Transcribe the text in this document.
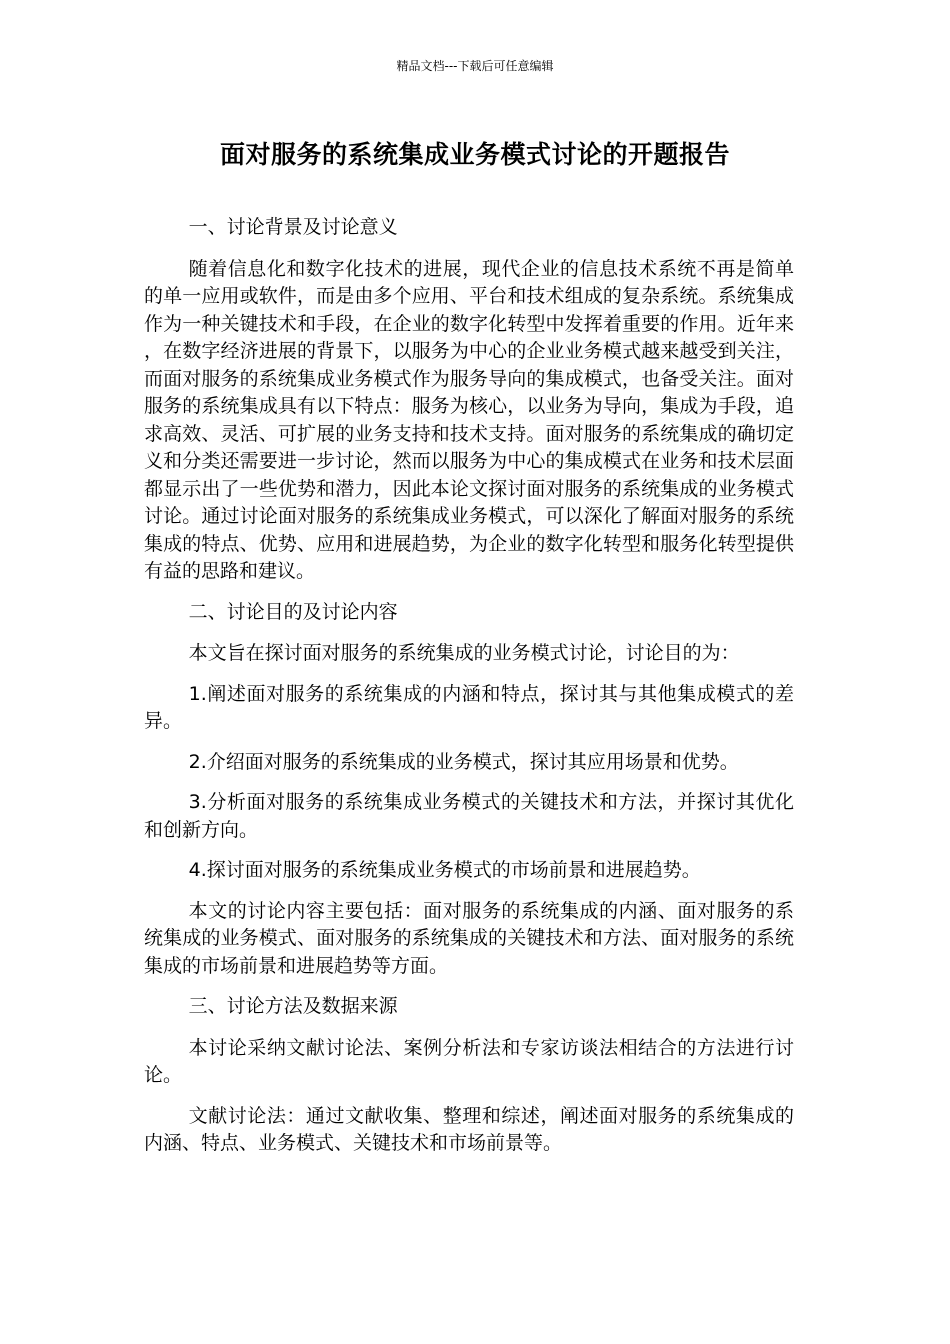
精品文档---下载后可任意编辑
面对服务的系统集成业务模式讨论的开题报告

一、讨论背景及讨论意义

随着信息化和数字化技术的进展，现代企业的信息技术系统不再是简单的单一应用或软件，而是由多个应用、平台和技术组成的复杂系统。系统集成作为一种关键技术和手段，在企业的数字化转型中发挥着重要的作用。近年来，在数字经济进展的背景下，以服务为中心的企业业务模式越来越受到关注，而面对服务的系统集成业务模式作为服务导向的集成模式，也备受关注。面对服务的系统集成具有以下特点：服务为核心，以业务为导向，集成为手段，追求高效、灵活、可扩展的业务支持和技术支持。面对服务的系统集成的确切定义和分类还需要进一步讨论，然而以服务为中心的集成模式在业务和技术层面都显示出了一些优势和潜力，因此本论文探讨面对服务的系统集成的业务模式讨论。通过讨论面对服务的系统集成业务模式，可以深化了解面对服务的系统集成的特点、优势、应用和进展趋势，为企业的数字化转型和服务化转型提供有益的思路和建议。

二、讨论目的及讨论内容

本文旨在探讨面对服务的系统集成的业务模式讨论，讨论目的为：

1.阐述面对服务的系统集成的内涵和特点，探讨其与其他集成模式的差异。

2.介绍面对服务的系统集成的业务模式，探讨其应用场景和优势。

3.分析面对服务的系统集成业务模式的关键技术和方法，并探讨其优化和创新方向。

4.探讨面对服务的系统集成业务模式的市场前景和进展趋势。

本文的讨论内容主要包括：面对服务的系统集成的内涵、面对服务的系统集成的业务模式、面对服务的系统集成的关键技术和方法、面对服务的系统集成的市场前景和进展趋势等方面。

三、讨论方法及数据来源

本讨论采纳文献讨论法、案例分析法和专家访谈法相结合的方法进行讨论。

文献讨论法：通过文献收集、整理和综述，阐述面对服务的系统集成的内涵、特点、业务模式、关键技术和市场前景等。
